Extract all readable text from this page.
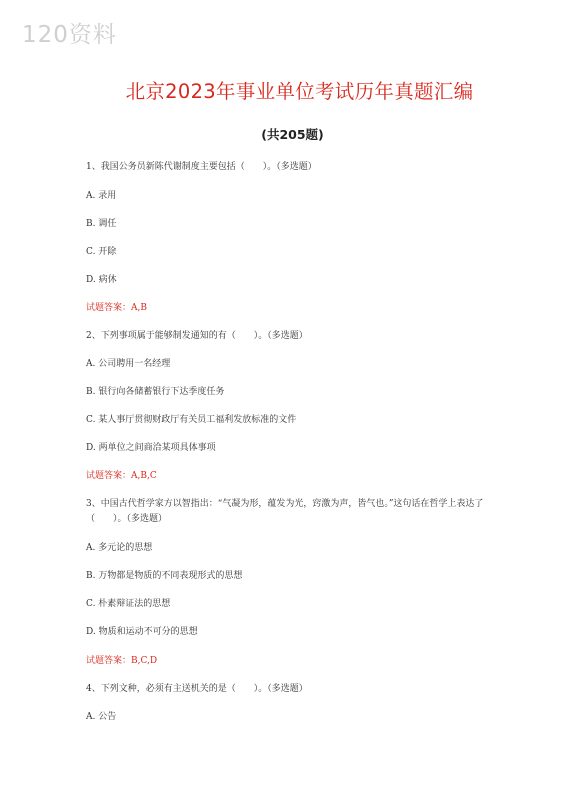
120资料
北京2023年事业单位考试历年真题汇编
(共205题)
1、我国公务员新陈代谢制度主要包括（　　）。（多选题）
A. 录用
B. 调任
C. 开除
D. 病休
试题答案：A,B
2、下列事项属于能够制发通知的有（　　）。（多选题）
A. 公司聘用一名经理
B. 银行向各储蓄银行下达季度任务
C. 某人事厅贯彻财政厅有关员工福利发放标准的文件
D. 两单位之间商洽某项具体事项
试题答案：A,B,C
3、中国古代哲学家方以智指出：“气凝为形，蕴发为光，窍激为声，皆气也。”这句话在哲学上表达了（　　）。（多选题）
A. 多元论的思想
B. 万物都是物质的不同表现形式的思想
C. 朴素辩证法的思想
D. 物质和运动不可分的思想
试题答案：B,C,D
4、下列文种，必须有主送机关的是（　　）。（多选题）
A. 公告
